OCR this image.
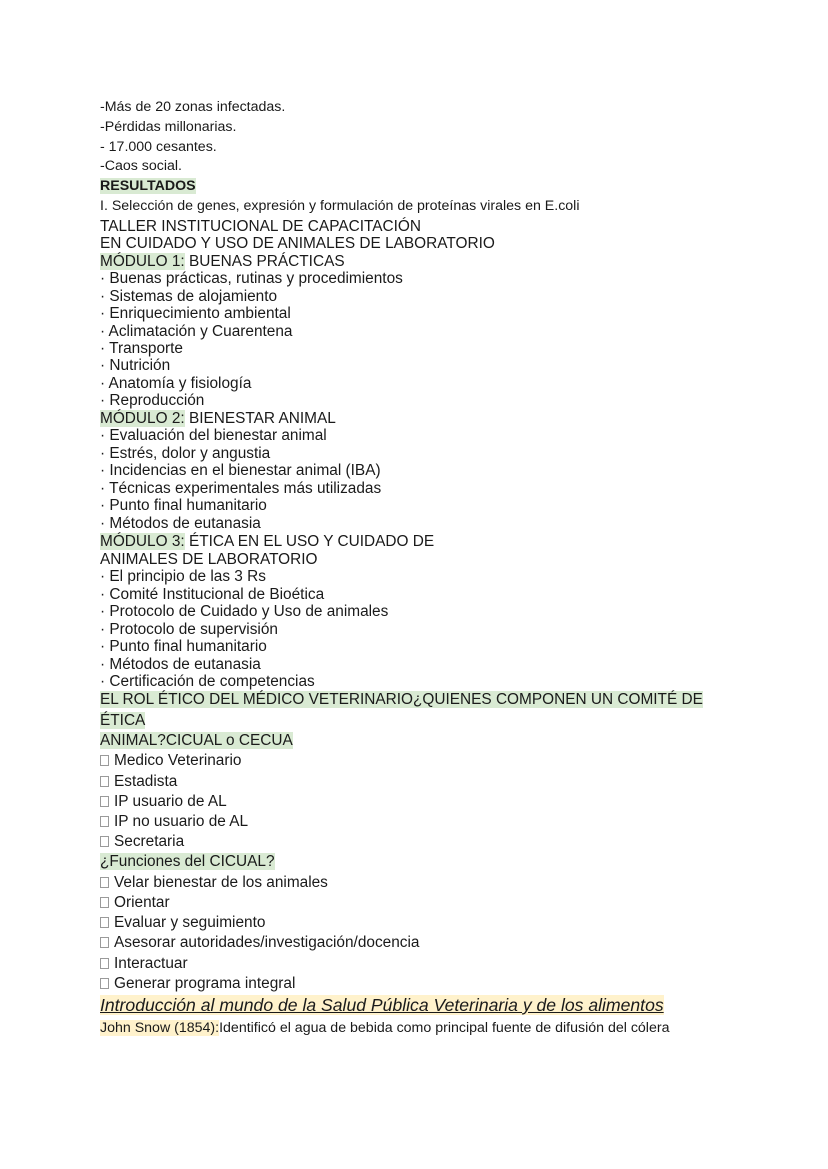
-Más de 20 zonas infectadas.
-Pérdidas millonarias.
- 17.000 cesantes.
-Caos social.
RESULTADOS
I. Selección de genes, expresión y formulación de proteínas virales en E.coli
TALLER INSTITUCIONAL DE CAPACITACIÓN
EN CUIDADO Y USO DE ANIMALES DE LABORATORIO
MÓDULO 1: BUENAS PRÁCTICAS
· Buenas prácticas, rutinas y procedimientos
· Sistemas de alojamiento
· Enriquecimiento ambiental
· Aclimatación y Cuarentena
· Transporte
· Nutrición
· Anatomía y fisiología
· Reproducción
MÓDULO 2: BIENESTAR ANIMAL
· Evaluación del bienestar animal
· Estrés, dolor y angustia
· Incidencias en el bienestar animal (IBA)
· Técnicas experimentales más utilizadas
· Punto final humanitario
· Métodos de eutanasia
MÓDULO 3: ÉTICA EN EL USO Y CUIDADO DE
ANIMALES DE LABORATORIO
· El principio de las 3 Rs
· Comité Institucional de Bioética
· Protocolo de Cuidado y Uso de animales
· Protocolo de supervisión
· Punto final humanitario
· Métodos de eutanasia
· Certificación de competencias
EL ROL ÉTICO DEL MÉDICO VETERINARIO¿QUIENES COMPONEN UN COMITÉ DE
ÉTICA
ANIMAL?CICUAL o CECUA
Medico Veterinario
Estadista
IP usuario de AL
IP no usuario de AL
Secretaria
¿Funciones del CICUAL?
Velar bienestar de los animales
Orientar
Evaluar y seguimiento
Asesorar autoridades/investigación/docencia
Interactuar
Generar programa integral
Introducción al mundo de la Salud Pública Veterinaria y de los alimentos
John Snow (1854):Identificó el agua de bebida como principal fuente de difusión del cólera
